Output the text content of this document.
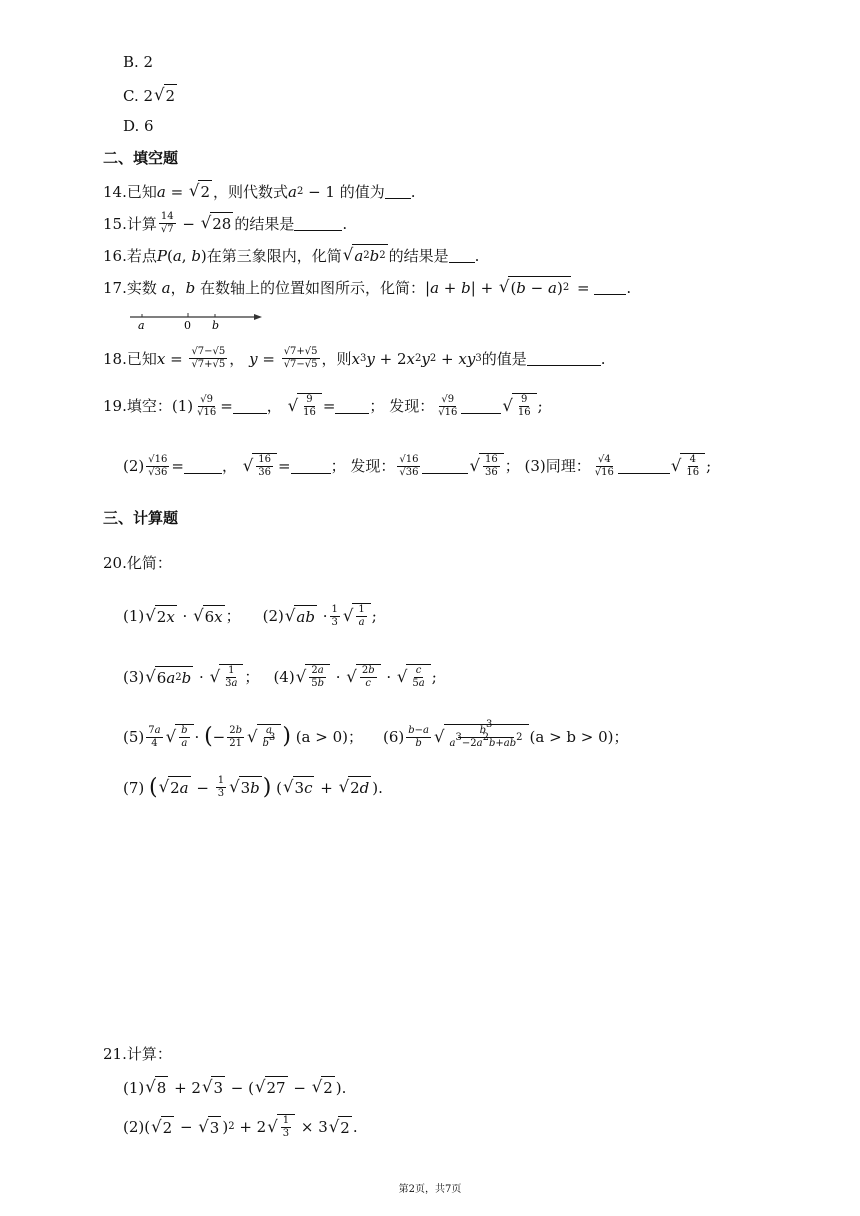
B. 2
C. 2 √ 2
D. 6
二、填空题
14.已知 a = √ 2 ，则代数式 a 2 − 1 的值为 .
15.计算 14
√7 − √ 28 的结果是	.
16.若点 P ( a , b ) 在第三象限内，化简 √ a 2 b 2 的结果是 .
17.实数
a ， b
在数轴上的位置如图所示，化简： | a + b | + √ ( b − a ) 2 = .
a	0 b
18.已知 x = √7−√5
√7+√5 ，
y = √7+√5
√7−√5 ，则 x 3 y + 2 x 2 y 2 + x y 3 的值是	.
19.填空：(1) √9
√16 = ，
√ 9
16 = ；
发现： √9
√16	√ 9
16 ;
(2) √16
√36 =	，
√ 16
36 =	；
发现： √16
√36	√ 16
36 ；
(3)同理： √4
√16	√ 4
16 ;
三、计算题
20.化简：
(1) √ 2 x · √ 6 x ；
(2) √ ab · 1
3 √ 1
a ;
(3) √ 6 a 2 b · √ 1
3a ；
(4) √ 2a
5b · √ 2b
c · √ c
5a ;
(5) 7a
4 √ b
a · ( − 2b
21 √ a
$b^3$ )
(a > 0)； (6) b−a
b √	$b^3$
$a^3-2a^2b+ab^2$ (a > b > 0)；
(7) ( √ 2 a − 1
3 √ 3 b ) ( √ 3 c + √ 2 d ).
21.计算：
(1) √ 8 + 2 √ 3 − ( √ 27 − √ 2 ).
(2)( √ 2 − √ 3 ) 2 + 2 √ 1
3 × 3 √ 2 .
第2页，共7页
